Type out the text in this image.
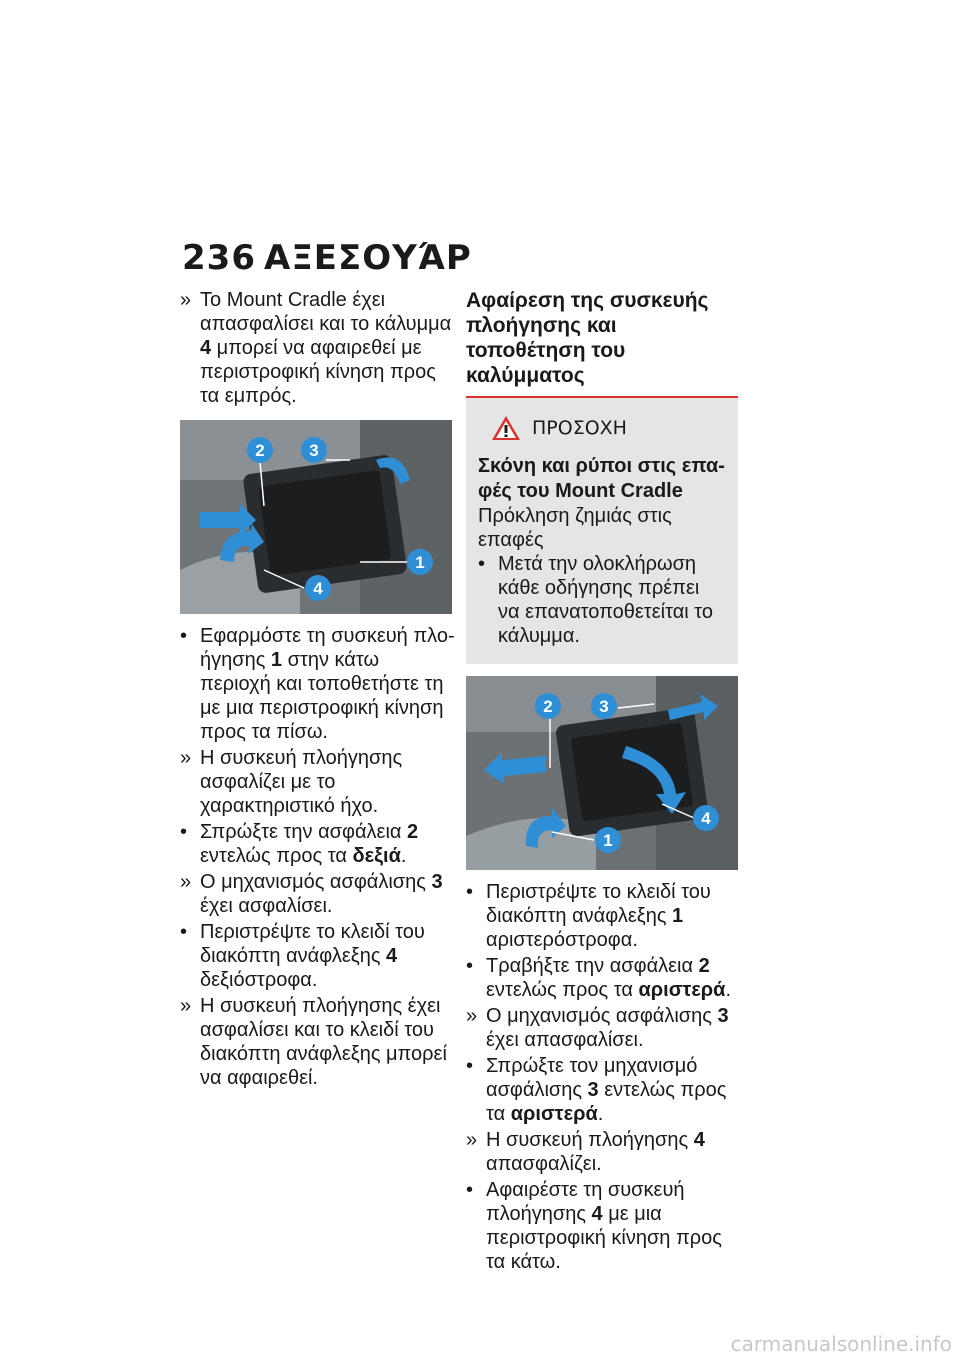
236 ΑΞΕΣΟΥΆΡ
» Το Mount Cradle έχει απασφαλίσει και το κάλυμμα 4 μπορεί να αφαιρεθεί με περιστροφική κίνηση προς τα εμπρός.
2	3
1
4
• Εφαρμόστε τη συσκευή πλοήγησης 1 στην κάτω περιοχή και τοποθετήστε τη με μια περιστροφική κίνηση προς τα πίσω.
» Η συσκευή πλοήγησης ασφαλίζει με το χαρακτηριστικό ήχο.
• Σπρώξτε την ασφάλεια 2 εντελώς προς τα δεξιά.
» Ο μηχανισμός ασφάλισης 3 έχει ασφαλίσει.
• Περιστρέψτε το κλειδί του διακόπτη ανάφλεξης 4 δεξιόστροφα.
» Η συσκευή πλοήγησης έχει ασφαλίσει και το κλειδί του διακόπτη ανάφλεξης μπορεί να αφαιρεθεί.
Αφαίρεση της συσκευής πλοήγησης και τοποθέτηση του καλύμματος
ΠΡΟΣΟΧΗ
Σκόνη και ρύποι στις επαφές του Mount Cradle
Πρόκληση ζημιάς στις επαφές
• Μετά την ολοκλήρωση κάθε οδήγησης πρέπει να επανατοποθετείται το κάλυμμα.
2	3
4
1
• Περιστρέψτε το κλειδί του διακόπτη ανάφλεξης 1 αριστερόστροφα.
• Τραβήξτε την ασφάλεια 2 εντελώς προς τα αριστερά.
» Ο μηχανισμός ασφάλισης 3 έχει απασφαλίσει.
• Σπρώξτε τον μηχανισμό ασφάλισης 3 εντελώς προς τα αριστερά.
» Η συσκευή πλοήγησης 4 απασφαλίζει.
• Αφαιρέστε τη συσκευή πλοήγησης 4 με μια περιστροφική κίνηση προς τα κάτω.
carmanualsonline.info
